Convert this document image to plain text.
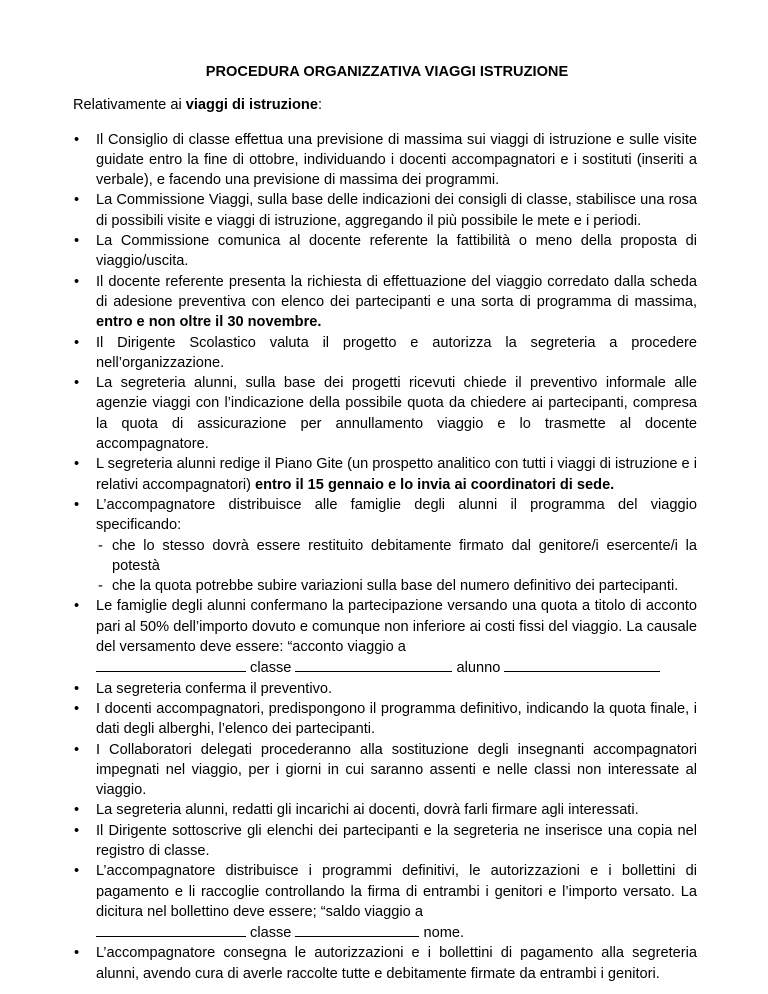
PROCEDURA ORGANIZZATIVA VIAGGI ISTRUZIONE
Relativamente ai viaggi di istruzione:
• Il Consiglio di classe effettua una previsione di massima sui viaggi di istruzione e sulle visite guidate entro la fine di ottobre, individuando i docenti accompagnatori e i sostituti (inseriti a verbale), e facendo una previsione di massima dei programmi.
• La Commissione Viaggi, sulla base delle indicazioni dei consigli di classe, stabilisce una rosa di possibili visite e viaggi di istruzione, aggregando il più possibile le mete e i periodi.
• La Commissione comunica al docente referente la fattibilità o meno della proposta di viaggio/uscita.
• Il docente referente presenta la richiesta di effettuazione del viaggio corredato dalla scheda di adesione preventiva con elenco dei partecipanti e una sorta di programma di massima, entro e non oltre il 30 novembre.
• Il Dirigente Scolastico valuta il progetto e autorizza la segreteria a procedere nell’organizzazione.
• La segreteria alunni, sulla base dei progetti ricevuti chiede il preventivo informale alle agenzie viaggi con l’indicazione della possibile quota da chiedere ai partecipanti, compresa la quota di assicurazione per annullamento viaggio e lo trasmette al docente accompagnatore.
• L segreteria alunni redige il Piano Gite (un prospetto analitico con tutti i viaggi di istruzione e i relativi accompagnatori) entro il 15 gennaio e lo invia ai coordinatori di sede.
• L’accompagnatore distribuisce alle famiglie degli alunni il programma del viaggio specificando:
- che lo stesso dovrà essere restituito debitamente firmato dal genitore/i esercente/i la potestà
- che la quota potrebbe subire variazioni sulla base del numero definitivo dei partecipanti.
• Le famiglie degli alunni confermano la partecipazione versando una quota a titolo di acconto pari al 50% dell’importo dovuto e comunque non inferiore ai costi fissi del viaggio. La causale del versamento deve essere: “acconto viaggio a
classe	alunno
• La segreteria conferma il preventivo.
• I docenti accompagnatori, predispongono il programma definitivo, indicando la quota finale, i dati degli alberghi, l’elenco dei partecipanti.
• I Collaboratori delegati procederanno alla sostituzione degli insegnanti accompagnatori impegnati nel viaggio, per i giorni in cui saranno assenti e nelle classi non interessate al viaggio.
• La segreteria alunni, redatti gli incarichi ai docenti, dovrà farli firmare agli interessati.
• Il Dirigente sottoscrive gli elenchi dei partecipanti e la segreteria ne inserisce una copia nel registro di classe.
• L’accompagnatore distribuisce i programmi definitivi, le autorizzazioni e i bollettini di pagamento e li raccoglie controllando la firma di entrambi i genitori e l’importo versato. La dicitura nel bollettino deve essere; “saldo viaggio a
classe	nome.
• L’accompagnatore consegna le autorizzazioni e i bollettini di pagamento alla segreteria alunni, avendo cura di averle raccolte tutte e debitamente firmate da entrambi i genitori.
